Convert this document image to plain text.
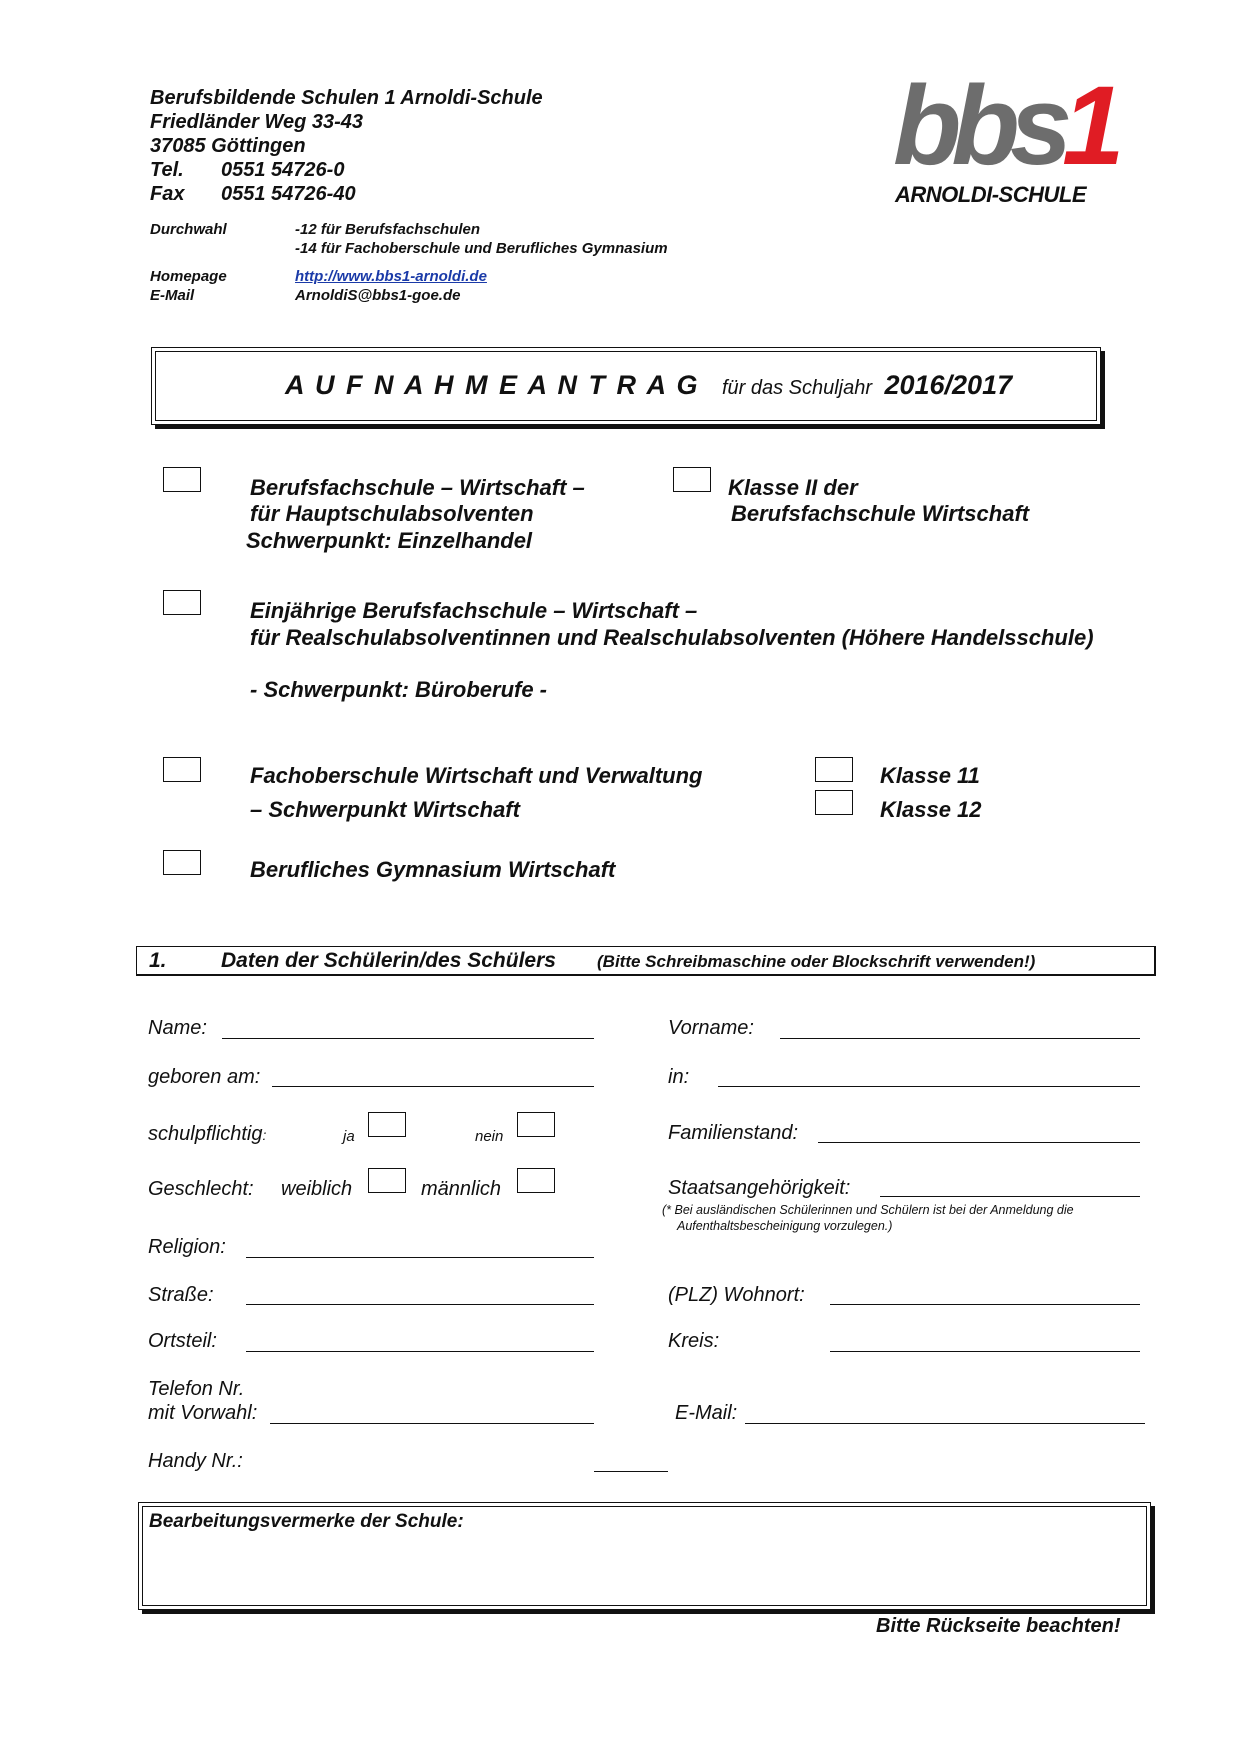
Berufsbildende Schulen 1 Arnoldi-Schule
Friedländer Weg 33-43
37085 Göttingen
Tel. 0551 54726-0
Fax 0551 54726-40
Durchwahl	-12 für Berufsfachschulen
-14 für Fachoberschule und Berufliches Gymnasium
Homepage	http://www.bbs1-arnoldi.de
E-Mail	ArnoldiS@bbs1-goe.de
bbs1
ARNOLDI-SCHULE
A U F N A H M E A N T R A G für das Schuljahr 2016/2017
Berufsfachschule – Wirtschaft –
für Hauptschulabsolventen
Schwerpunkt: Einzelhandel
Klasse II der
Berufsfachschule Wirtschaft
Einjährige Berufsfachschule – Wirtschaft –
für Realschulabsolventinnen und Realschulabsolventen (Höhere Handelsschule)
- Schwerpunkt: Büroberufe -
Fachoberschule Wirtschaft und Verwaltung
– Schwerpunkt Wirtschaft
Klasse 11
Klasse 12
Berufliches Gymnasium Wirtschaft
1.	Daten der Schülerin/des Schülers (Bitte Schreibmaschine oder Blockschrift verwenden!)
Name:	Vorname:
geboren am:	in:
schulpflichtig:	ja	nein	Familienstand:
Geschlecht: weiblich	männlich	Staatsangehörigkeit:
(* Bei ausländischen Schülerinnen und Schülern ist bei der Anmeldung die
Aufenthaltsbescheinigung vorzulegen.)
Religion:
Straße:	(PLZ) Wohnort:
Ortsteil:	Kreis:
Telefon Nr.
mit Vorwahl:	E-Mail:
Handy Nr.:
Bearbeitungsvermerke der Schule:
Bitte Rückseite beachten!
